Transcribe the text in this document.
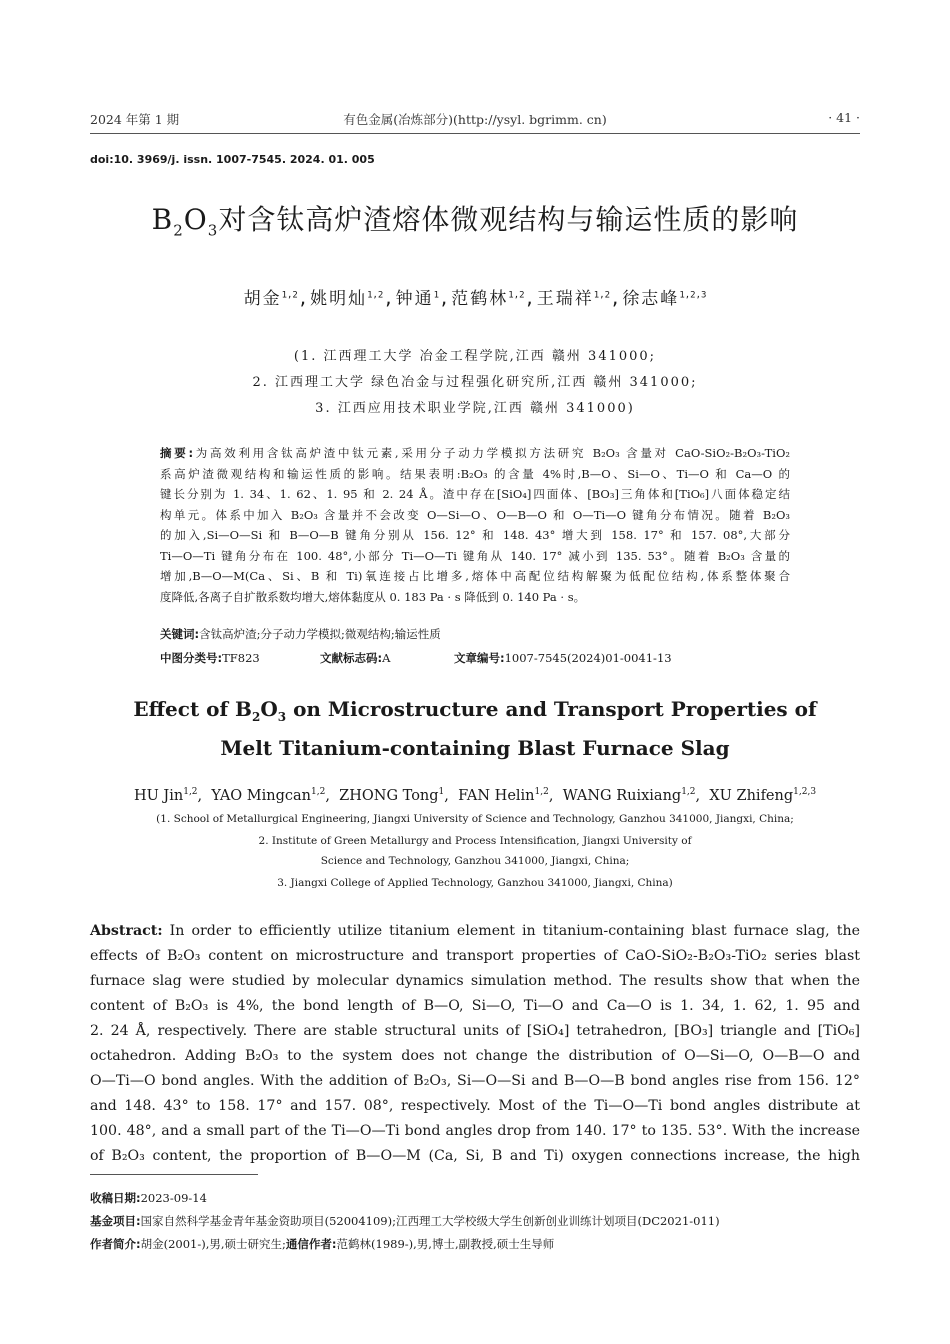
2024 年第 1 期	有色金属(冶炼部分)(http://ysyl. bgrimm. cn)	· 41 ·
doi:10. 3969/j. issn. 1007-7545. 2024. 01. 005
$B_2O_3$对含钛高炉渣熔体微观结构与输运性质的影响
胡金$^{1,2}$,姚明灿$^{1,2}$,钟通$^1$,范鹤林$^{1,2}$,王瑞祥$^{1,2}$,徐志峰$^{1,2,3}$
(1. 江西理工大学 冶金工程学院,江西 赣州 341000;
2. 江西理工大学 绿色冶金与过程强化研究所,江西 赣州 341000;
3. 江西应用技术职业学院,江西 赣州 341000)
摘要:为高效利用含钛高炉渣中钛元素,采用分子动力学模拟方法研究 B₂O₃ 含量对 CaO-SiO₂-B₂O₃-TiO₂
系高炉渣微观结构和输运性质的影响。结果表明:B₂O₃ 的含量 4%时,B—O、Si—O、Ti—O 和 Ca—O 的
键长分别为 1. 34、1. 62、1. 95 和 2. 24 Å。渣中存在[SiO₄]四面体、[BO₃]三角体和[TiO₆]八面体稳定结
构单元。体系中加入 B₂O₃ 含量并不会改变 O—Si—O、O—B—O 和 O—Ti—O 键角分布情况。随着 B₂O₃
的加入,Si—O—Si 和 B—O—B 键角分别从 156. 12° 和 148. 43° 增大到 158. 17° 和 157. 08°,大部分
Ti—O—Ti 键角分布在 100. 48°,小部分 Ti—O—Ti 键角从 140. 17° 减小到 135. 53°。随着 B₂O₃ 含量的
增加,B—O—M(Ca、Si、B 和 Ti)氧连接占比增多,熔体中高配位结构解聚为低配位结构,体系整体聚合
度降低,各离子自扩散系数均增大,熔体黏度从 0. 183 Pa · s 降低到 0. 140 Pa · s。
关键词:含钛高炉渣;分子动力学模拟;微观结构;输运性质
中图分类号:TF823	文献标志码:A	文章编号:1007-7545(2024)01-0041-13
Effect of $B_2O_3$ on Microstructure and Transport Properties of
Melt Titanium-containing Blast Furnace Slag
HU Jin$^{1,2}$,  YAO Mingcan$^{1,2}$,  ZHONG Tong$^1$,  FAN Helin$^{1,2}$,  WANG Ruixiang$^{1,2}$,  XU Zhifeng$^{1,2,3}$
(1. School of Metallurgical Engineering, Jiangxi University of Science and Technology, Ganzhou 341000, Jiangxi, China;
2. Institute of Green Metallurgy and Process Intensification, Jiangxi University of
Science and Technology, Ganzhou 341000, Jiangxi, China;
3. Jiangxi College of Applied Technology, Ganzhou 341000, Jiangxi, China)
Abstract: In order to efficiently utilize titanium element in titanium-containing blast furnace slag, the
effects of B₂O₃ content on microstructure and transport properties of CaO-SiO₂-B₂O₃-TiO₂ series blast
furnace slag were studied by molecular dynamics simulation method. The results show that when the
content of B₂O₃ is 4%, the bond length of B—O, Si—O, Ti—O and Ca—O is 1. 34, 1. 62, 1. 95 and
2. 24 Å, respectively. There are stable structural units of [SiO₄] tetrahedron, [BO₃] triangle and [TiO₆]
octahedron. Adding B₂O₃ to the system does not change the distribution of O—Si—O, O—B—O and
O—Ti—O bond angles. With the addition of B₂O₃, Si—O—Si and B—O—B bond angles rise from 156. 12°
and 148. 43° to 158. 17° and 157. 08°, respectively. Most of the Ti—O—Ti bond angles distribute at
100. 48°, and a small part of the Ti—O—Ti bond angles drop from 140. 17° to 135. 53°. With the increase
of B₂O₃ content, the proportion of B—O—M (Ca, Si, B and Ti) oxygen connections increase, the high
收稿日期:2023-09-14
基金项目:国家自然科学基金青年基金资助项目(52004109);江西理工大学校级大学生创新创业训练计划项目(DC2021-011)
作者简介:胡金(2001-),男,硕士研究生;通信作者:范鹤林(1989-),男,博士,副教授,硕士生导师
